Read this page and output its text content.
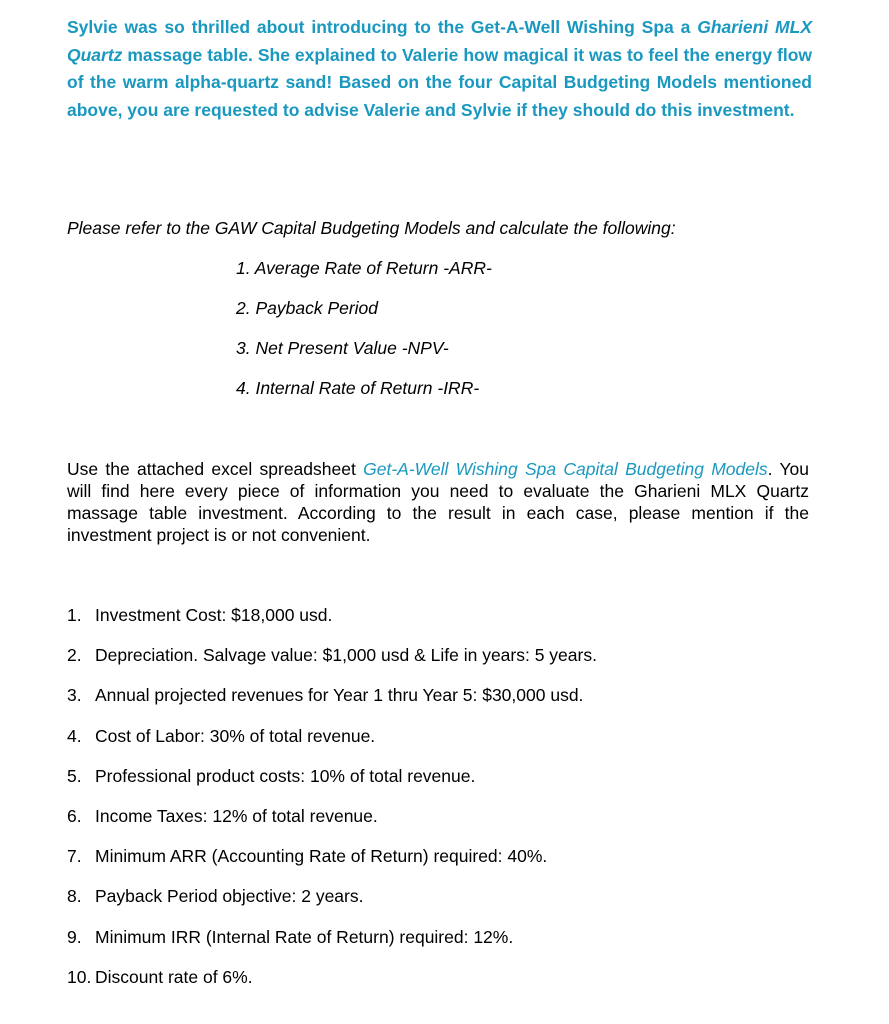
Sylvie was so thrilled about introducing to the Get-A-Well Wishing Spa a Gharieni MLX Quartz massage table. She explained to Valerie how magical it was to feel the energy flow of the warm alpha-quartz sand! Based on the four Capital Budgeting Models mentioned above, you are requested to advise Valerie and Sylvie if they should do this investment.

Please refer to the GAW Capital Budgeting Models and calculate the following:

1. Average Rate of Return -ARR-
2. Payback Period
3. Net Present Value -NPV-
4. Internal Rate of Return -IRR-

Use the attached excel spreadsheet Get-A-Well Wishing Spa Capital Budgeting Models. You will find here every piece of information you need to evaluate the Gharieni MLX Quartz massage table investment. According to the result in each case, please mention if the investment project is or not convenient.

1. Investment Cost: $18,000 usd.
2. Depreciation. Salvage value: $1,000 usd & Life in years: 5 years.
3. Annual projected revenues for Year 1 thru Year 5: $30,000 usd.
4. Cost of Labor: 30% of total revenue.
5. Professional product costs: 10% of total revenue.
6. Income Taxes: 12% of total revenue.
7. Minimum ARR (Accounting Rate of Return) required: 40%.
8. Payback Period objective: 2 years.
9. Minimum IRR (Internal Rate of Return) required: 12%.
10. Discount rate of 6%.
